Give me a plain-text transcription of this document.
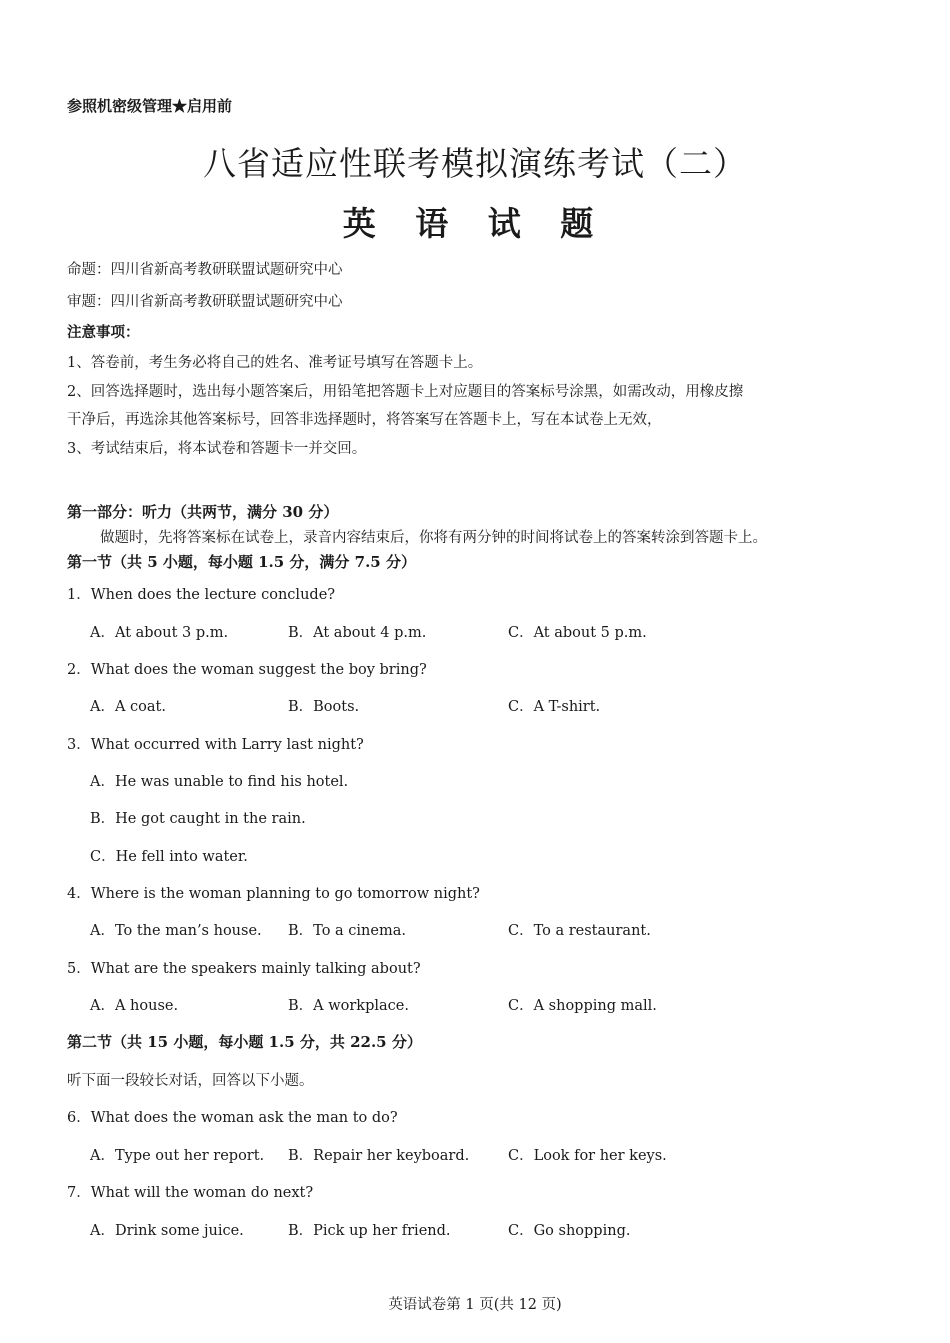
参照机密级管理★启用前
八省适应性联考模拟演练考试（二）
英 语 试 题
命题：四川省新高考教研联盟试题研究中心
审题：四川省新高考教研联盟试题研究中心
注意事项：
1、答卷前，考生务必将自己的姓名、准考证号填写在答题卡上。
2、回答选择题时，选出每小题答案后，用铅笔把答题卡上对应题目的答案标号涂黑，如需改动，用橡皮擦
干净后，再选涂其他答案标号，回答非选择题时，将答案写在答题卡上，写在本试卷上无效，
3、考试结束后，将本试卷和答题卡一并交回。
第一部分：听力（共两节，满分 30 分）
做题时，先将答案标在试卷上，录音内容结束后，你将有两分钟的时间将试卷上的答案转涂到答题卡上。
第一节（共 5 小题，每小题 1.5 分，满分 7.5 分）
1．When does the lecture conclude?
A．At about 3 p.m.	B．At about 4 p.m.	C．At about 5 p.m.
2．What does the woman suggest the boy bring?
A．A coat.	B．Boots.	C．A T-shirt.
3．What occurred with Larry last night?
A．He was unable to find his hotel.
B．He got caught in the rain.
C．He fell into water.
4．Where is the woman planning to go tomorrow night?
A．To the man’s house. B．To a cinema.	C．To a restaurant.
5．What are the speakers mainly talking about?
A．A house.	B．A workplace.	C．A shopping mall.
第二节（共 15 小题，每小题 1.5 分，共 22.5 分）
听下面一段较长对话，回答以下小题。
6．What does the woman ask the man to do?
A．Type out her report. B．Repair her keyboard.	C．Look for her keys.
7．What will the woman do next?
A．Drink some juice.	B．Pick up her friend.	C．Go shopping.
英语试卷第 1 页(共 12 页)
